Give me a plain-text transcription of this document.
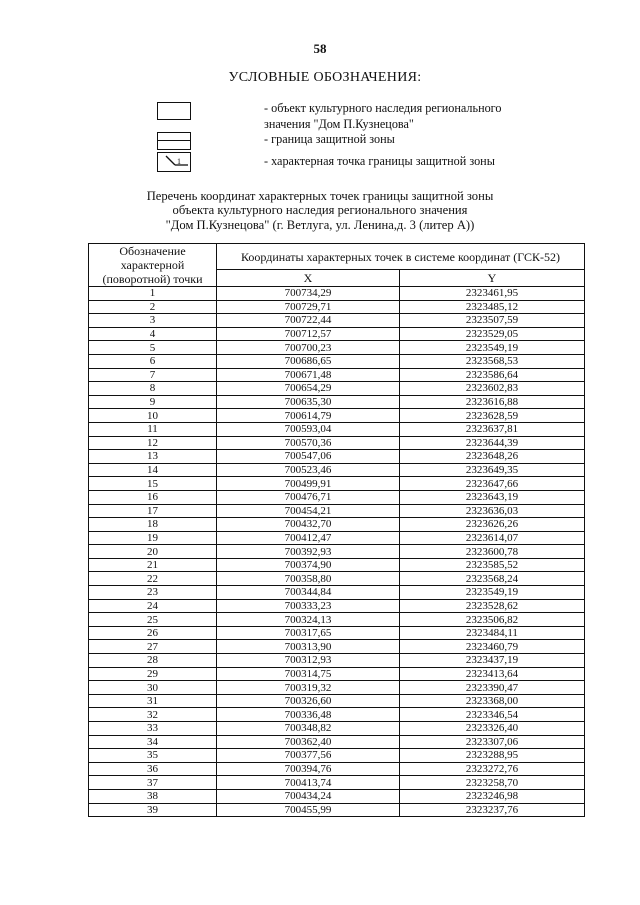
58
УСЛОВНЫЕ ОБОЗНАЧЕНИЯ:
- объект культурного наследия регионального
значения "Дом П.Кузнецова"
- граница защитной зоны
1	- характерная точка границы защитной зоны
Перечень координат характерных точек границы защитной зоны
объекта культурного наследия регионального значения
"Дом П.Кузнецова" (г. Ветлуга, ул. Ленина,д. 3 (литер А))
Обозначение характерной (поворотной) точки	Координаты характерных точек в системе координат (ГСК-52)	
	X	Y
1	700734,29	2323461,95
2	700729,71	2323485,12
3	700722,44	2323507,59
4	700712,57	2323529,05
5	700700,23	2323549,19
6	700686,65	2323568,53
7	700671,48	2323586,64
8	700654,29	2323602,83
9	700635,30	2323616,88
10	700614,79	2323628,59
11	700593,04	2323637,81
12	700570,36	2323644,39
13	700547,06	2323648,26
14	700523,46	2323649,35
15	700499,91	2323647,66
16	700476,71	2323643,19
17	700454,21	2323636,03
18	700432,70	2323626,26
19	700412,47	2323614,07
20	700392,93	2323600,78
21	700374,90	2323585,52
22	700358,80	2323568,24
23	700344,84	2323549,19
24	700333,23	2323528,62
25	700324,13	2323506,82
26	700317,65	2323484,11
27	700313,90	2323460,79
28	700312,93	2323437,19
29	700314,75	2323413,64
30	700319,32	2323390,47
31	700326,60	2323368,00
32	700336,48	2323346,54
33	700348,82	2323326,40
34	700362,40	2323307,06
35	700377,56	2323288,95
36	700394,76	2323272,76
37	700413,74	2323258,70
38	700434,24	2323246,98
39	700455,99	2323237,76
